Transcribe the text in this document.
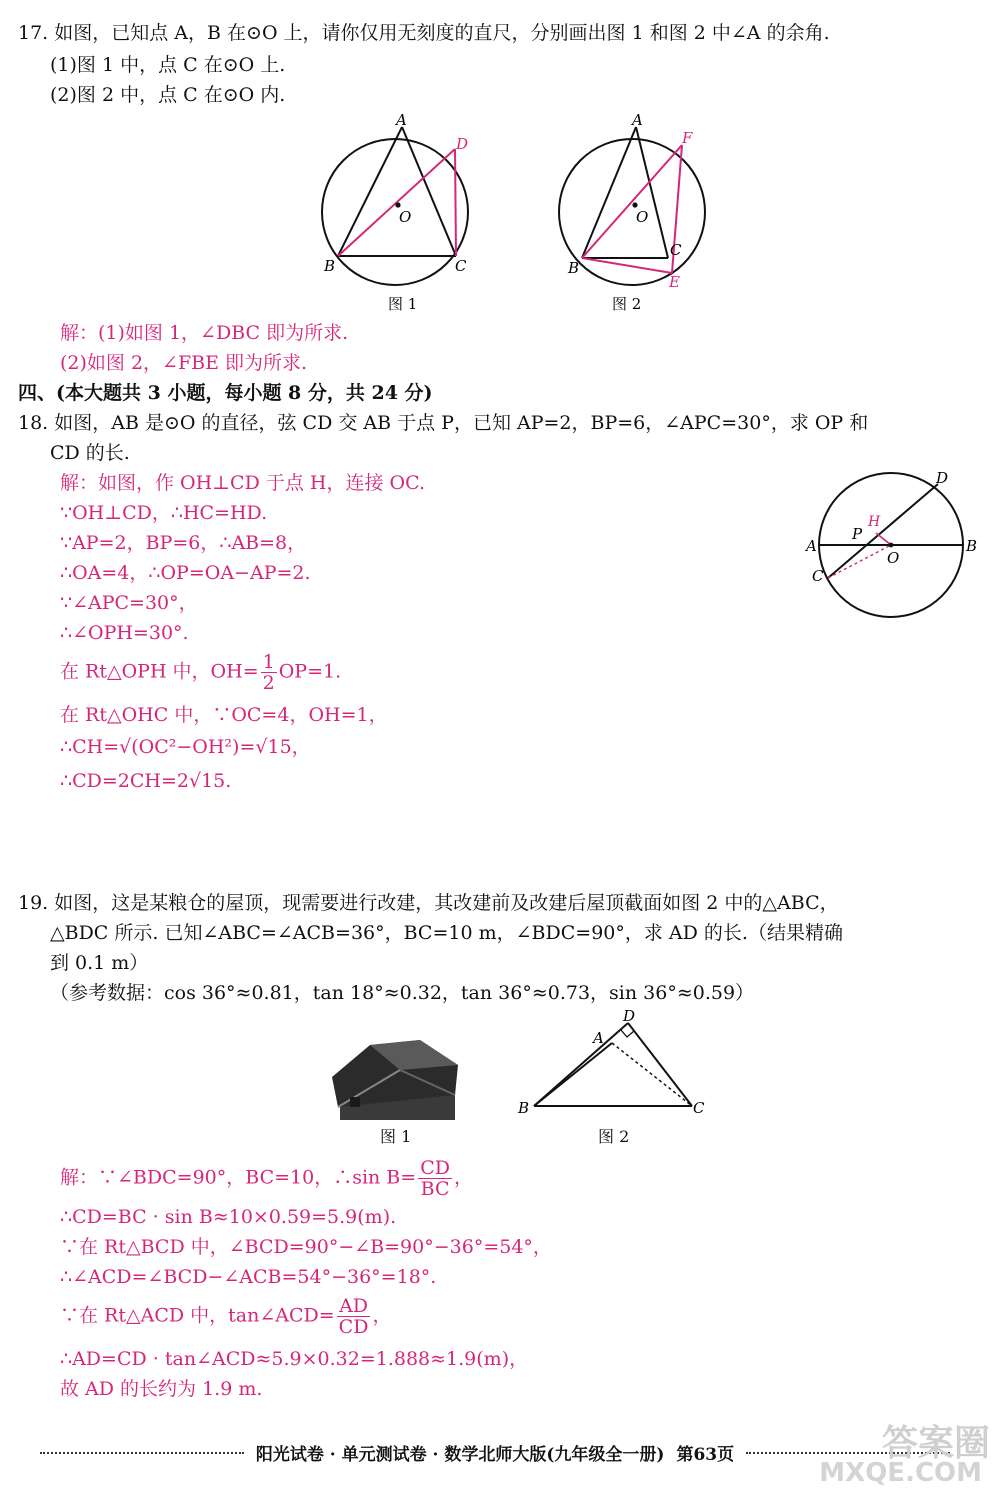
17. 如图，已知点 A，B 在⊙O 上，请你仅用无刻度的直尺，分别画出图 1 和图 2 中∠A 的余角.
(1)图 1 中，点 C 在⊙O 上.
(2)图 2 中，点 C 在⊙O 内.
A
D
O
B	C
A
F
O
C
B
E
图 1	图 2
解：(1)如图 1，∠DBC 即为所求.
(2)如图 2，∠FBE 即为所求.
四、(本大题共 3 小题，每小题 8 分，共 24 分)
18. 如图，AB 是⊙O 的直径，弦 CD 交 AB 于点 P，已知 AP=2，BP=6，∠APC=30°，求 OP 和
CD 的长.
解：如图，作 OH⊥CD 于点 H，连接 OC.
∵OH⊥CD，∴HC=HD.
∵AP=2，BP=6，∴AB=8，
∴OA=4，∴OP=OA−AP=2.
∵∠APC=30°，
∴∠OPH=30°.
在 Rt△OPH 中，$OH= \frac{1}{2} OP=1$.
在 Rt△OHC 中，∵OC=4，OH=1，
∴CH=√(OC²−OH²)=√15，
∴CD=2CH=2√15.
A	B
C
D
P
H
O
19. 如图，这是某粮仓的屋顶，现需要进行改建，其改建前及改建后屋顶截面如图 2 中的△ABC，
△BDC 所示. 已知∠ABC=∠ACB=36°，BC=10 m，∠BDC=90°，求 AD 的长.（结果精确
到 0.1 m）
（参考数据：cos 36°≈0.81，tan 18°≈0.32，tan 36°≈0.73，sin 36°≈0.59）
B	C
A
D
图 1	图 2
解：∵∠BDC=90°，BC=10，∴sin $B= \frac{CD}{BC}$ ，
∴CD=BC · sin B≈10×0.59=5.9(m).
∵在 Rt△BCD 中，∠BCD=90°−∠B=90°−36°=54°，
∴∠ACD=∠BCD−∠ACB=54°−36°=18°.
∵在 Rt△ACD 中，tan∠ACD= $\frac{AD}{CD}$ ，
∴AD=CD · tan∠ACD≈5.9×0.32=1.888≈1.9(m)，
故 AD 的长约为 1.9 m.
阳光试卷 · 单元测试卷 · 数学北师大版(九年级全一册) 第63页	答案圈
MXQE.COM
